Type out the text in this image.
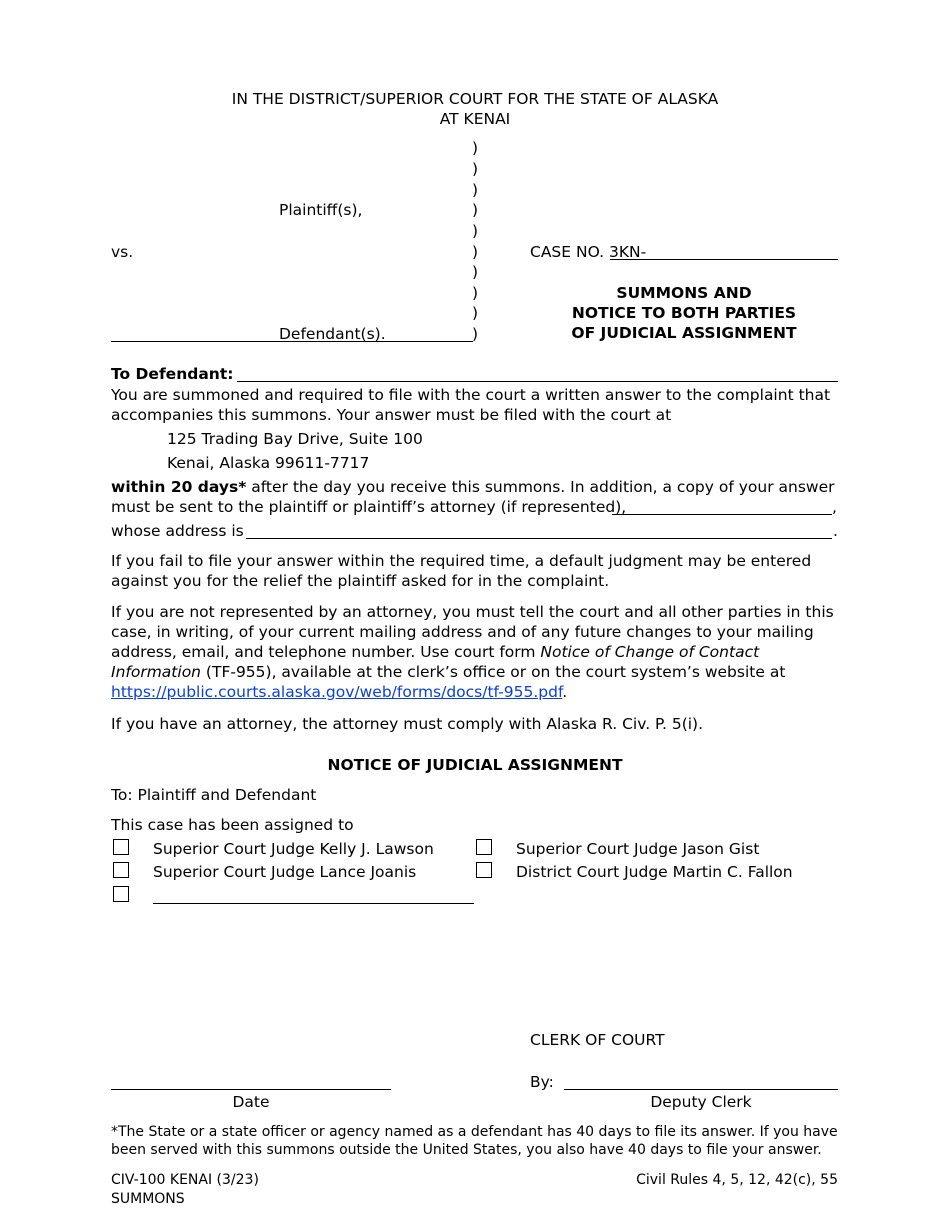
IN THE DISTRICT/SUPERIOR COURT FOR THE STATE OF ALASKA
AT KENAI
)
)
)
)
)
)
)
)
)
)
Plaintiff(s),
vs.
Defendant(s).
CASE NO. 3KN-
SUMMONS AND
NOTICE TO BOTH PARTIES
OF JUDICIAL ASSIGNMENT
To Defendant:
You are summoned and required to file with the court a written answer to the complaint that
accompanies this summons. Your answer must be filed with the court at
125 Trading Bay Drive, Suite 100
Kenai, Alaska 99611-7717
within 20 days* after the day you receive this summons. In addition, a copy of your answer
must be sent to the plaintiff or plaintiff’s attorney (if represented),	,
whose address is	.
If you fail to file your answer within the required time, a default judgment may be entered
against you for the relief the plaintiff asked for in the complaint.
If you are not represented by an attorney, you must tell the court and all other parties in this
case, in writing, of your current mailing address and of any future changes to your mailing
address, email, and telephone number. Use court form Notice of Change of Contact
Information (TF-955), available at the clerk’s office or on the court system’s website at
https://public.courts.alaska.gov/web/forms/docs/tf-955.pdf.
If you have an attorney, the attorney must comply with Alaska R. Civ. P. 5(i).
NOTICE OF JUDICIAL ASSIGNMENT
To: Plaintiff and Defendant
This case has been assigned to
Superior Court Judge Kelly J. Lawson
Superior Court Judge Lance Joanis
Superior Court Judge Jason Gist
District Court Judge Martin C. Fallon
CLERK OF COURT
By:
Date	Deputy Clerk
*The State or a state officer or agency named as a defendant has 40 days to file its answer. If you have
been served with this summons outside the United States, you also have 40 days to file your answer.
CIV-100 KENAI (3/23)
SUMMONS
Civil Rules 4, 5, 12, 42(c), 55
